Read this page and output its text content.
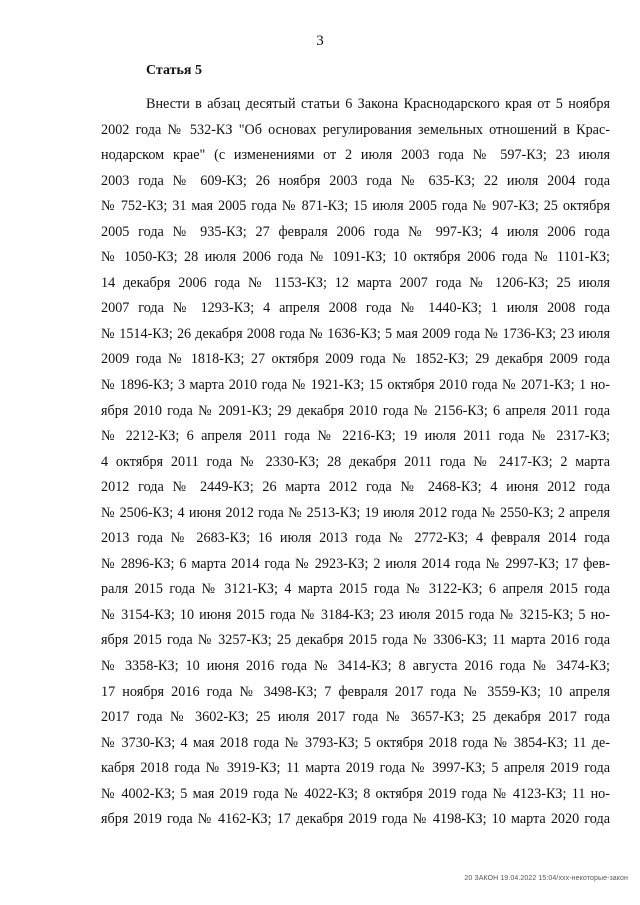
3
Статья 5
Внести в абзац десятый статьи 6 Закона Краснодарского края от 5 ноября
2002 года № 532-КЗ "Об основах регулирования земельных отношений в Крас-
нодарском крае" (с изменениями от 2 июля 2003 года № 597-КЗ; 23 июля
2003 года № 609-КЗ; 26 ноября 2003 года № 635-КЗ; 22 июля 2004 года
№ 752-КЗ; 31 мая 2005 года № 871-КЗ; 15 июля 2005 года № 907-КЗ; 25 октября
2005 года № 935-КЗ; 27 февраля 2006 года № 997-КЗ; 4 июля 2006 года
№ 1050-КЗ; 28 июля 2006 года № 1091-КЗ; 10 октября 2006 года № 1101-КЗ;
14 декабря 2006 года № 1153-КЗ; 12 марта 2007 года № 1206-КЗ; 25 июля
2007 года № 1293-КЗ; 4 апреля 2008 года № 1440-КЗ; 1 июля 2008 года
№ 1514-КЗ; 26 декабря 2008 года № 1636-КЗ; 5 мая 2009 года № 1736-КЗ; 23 июля
2009 года № 1818-КЗ; 27 октября 2009 года № 1852-КЗ; 29 декабря 2009 года
№ 1896-КЗ; 3 марта 2010 года № 1921-КЗ; 15 октября 2010 года № 2071-КЗ; 1 но-
ября 2010 года № 2091-КЗ; 29 декабря 2010 года № 2156-КЗ; 6 апреля 2011 года
№ 2212-КЗ; 6 апреля 2011 года № 2216-КЗ; 19 июля 2011 года № 2317-КЗ;
4 октября 2011 года № 2330-КЗ; 28 декабря 2011 года № 2417-КЗ; 2 марта
2012 года № 2449-КЗ; 26 марта 2012 года № 2468-КЗ; 4 июня 2012 года
№ 2506-КЗ; 4 июня 2012 года № 2513-КЗ; 19 июля 2012 года № 2550-КЗ; 2 апреля
2013 года № 2683-КЗ; 16 июля 2013 года № 2772-КЗ; 4 февраля 2014 года
№ 2896-КЗ; 6 марта 2014 года № 2923-КЗ; 2 июля 2014 года № 2997-КЗ; 17 фев-
раля 2015 года № 3121-КЗ; 4 марта 2015 года № 3122-КЗ; 6 апреля 2015 года
№ 3154-КЗ; 10 июня 2015 года № 3184-КЗ; 23 июля 2015 года № 3215-КЗ; 5 но-
ября 2015 года № 3257-КЗ; 25 декабря 2015 года № 3306-КЗ; 11 марта 2016 года
№ 3358-КЗ; 10 июня 2016 года № 3414-КЗ; 8 августа 2016 года № 3474-КЗ;
17 ноября 2016 года № 3498-КЗ; 7 февраля 2017 года № 3559-КЗ; 10 апреля
2017 года № 3602-КЗ; 25 июля 2017 года № 3657-КЗ; 25 декабря 2017 года
№ 3730-КЗ; 4 мая 2018 года № 3793-КЗ; 5 октября 2018 года № 3854-КЗ; 11 де-
кабря 2018 года № 3919-КЗ; 11 марта 2019 года № 3997-КЗ; 5 апреля 2019 года
№ 4002-КЗ; 5 мая 2019 года № 4022-КЗ; 8 октября 2019 года № 4123-КЗ; 11 но-
ября 2019 года № 4162-КЗ; 17 декабря 2019 года № 4198-КЗ; 10 марта 2020 года
20 ЗАКОН 19.04.2022 15:04/ххх-некоторые-закон
